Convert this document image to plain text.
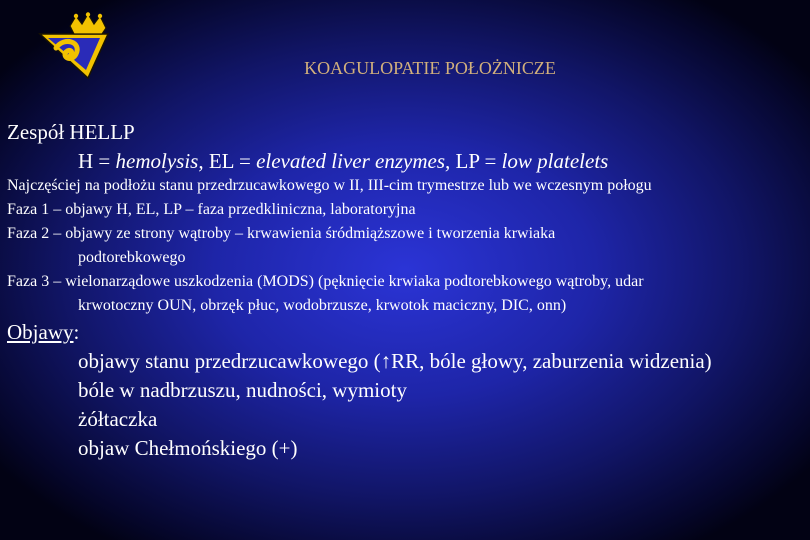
KOAGULOPATIE POŁOŻNICZE
Zespół HELLP
H = hemolysis, EL = elevated liver enzymes, LP = low platelets
Najczęściej na podłożu stanu przedrzucawkowego w II, III-cim trymestrze lub we wczesnym połogu
Faza 1 – objawy H, EL, LP – faza przedkliniczna, laboratoryjna
Faza 2 – objawy ze strony wątroby – krwawienia śródmiąższowe i tworzenia krwiaka
podtorebkowego
Faza 3 – wielonarządowe uszkodzenia (MODS) (pęknięcie krwiaka podtorebkowego wątroby, udar
krwotoczny OUN, obrzęk płuc, wodobrzusze, krwotok maciczny, DIC, onn)
Objawy:
objawy stanu przedrzucawkowego (↑RR, bóle głowy, zaburzenia widzenia)
bóle w nadbrzuszu, nudności, wymioty
żółtaczka
objaw Chełmońskiego (+)
